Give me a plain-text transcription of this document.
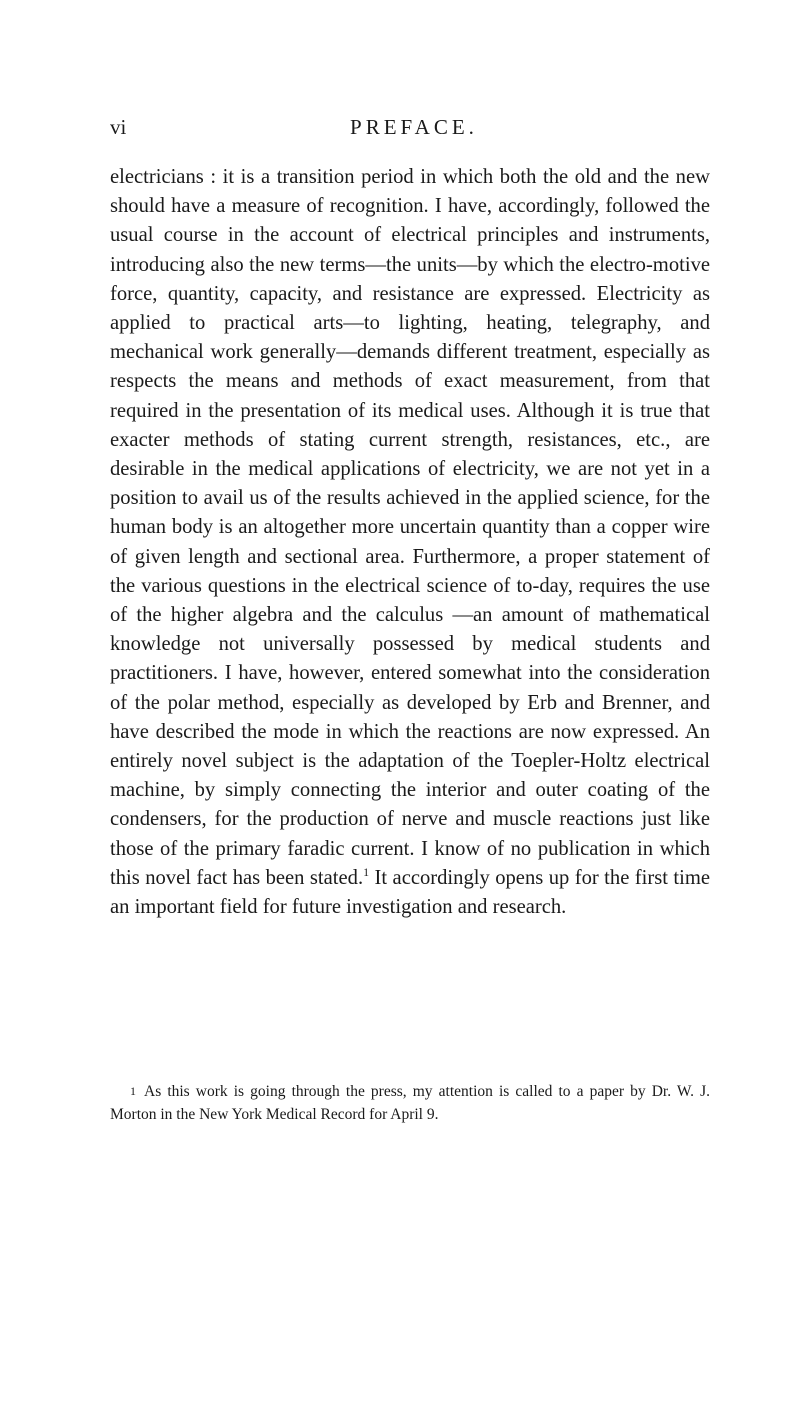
vi	PREFACE.

electricians : it is a transition period in which both the old and the new should have a measure of recognition. I have, accordingly, followed the usual course in the account of electrical principles and instruments, introducing also the new terms—the units—by which the electro-motive force, quantity, capacity, and resistance are expressed. Electricity as applied to practical arts—to lighting, heating, telegraphy, and mechanical work generally—demands different treatment, especially as respects the means and methods of exact measurement, from that required in the presentation of its medical uses. Although it is true that exacter methods of stating current strength, resistances, etc., are desirable in the medical applications of electricity, we are not yet in a position to avail us of the results achieved in the applied science, for the human body is an altogether more uncertain quantity than a copper wire of given length and sectional area. Furthermore, a proper statement of the various questions in the electrical science of to-day, requires the use of the higher algebra and the calculus —an amount of mathematical knowledge not universally possessed by medical students and practitioners. I have, however, entered somewhat into the consideration of the polar method, especially as developed by Erb and Brenner, and have described the mode in which the reactions are now expressed. An entirely novel subject is the adaptation of the Toepler-Holtz electrical machine, by simply connecting the interior and outer coating of the condensers, for the production of nerve and muscle reactions just like those of the primary faradic current. I know of no publication in which this novel fact has been stated.$^1$ It accordingly opens up for the first time an important field for future investigation and research.

$^1$ As this work is going through the press, my attention is called to a paper by Dr. W. J. Morton in the New York Medical Record for April 9.
